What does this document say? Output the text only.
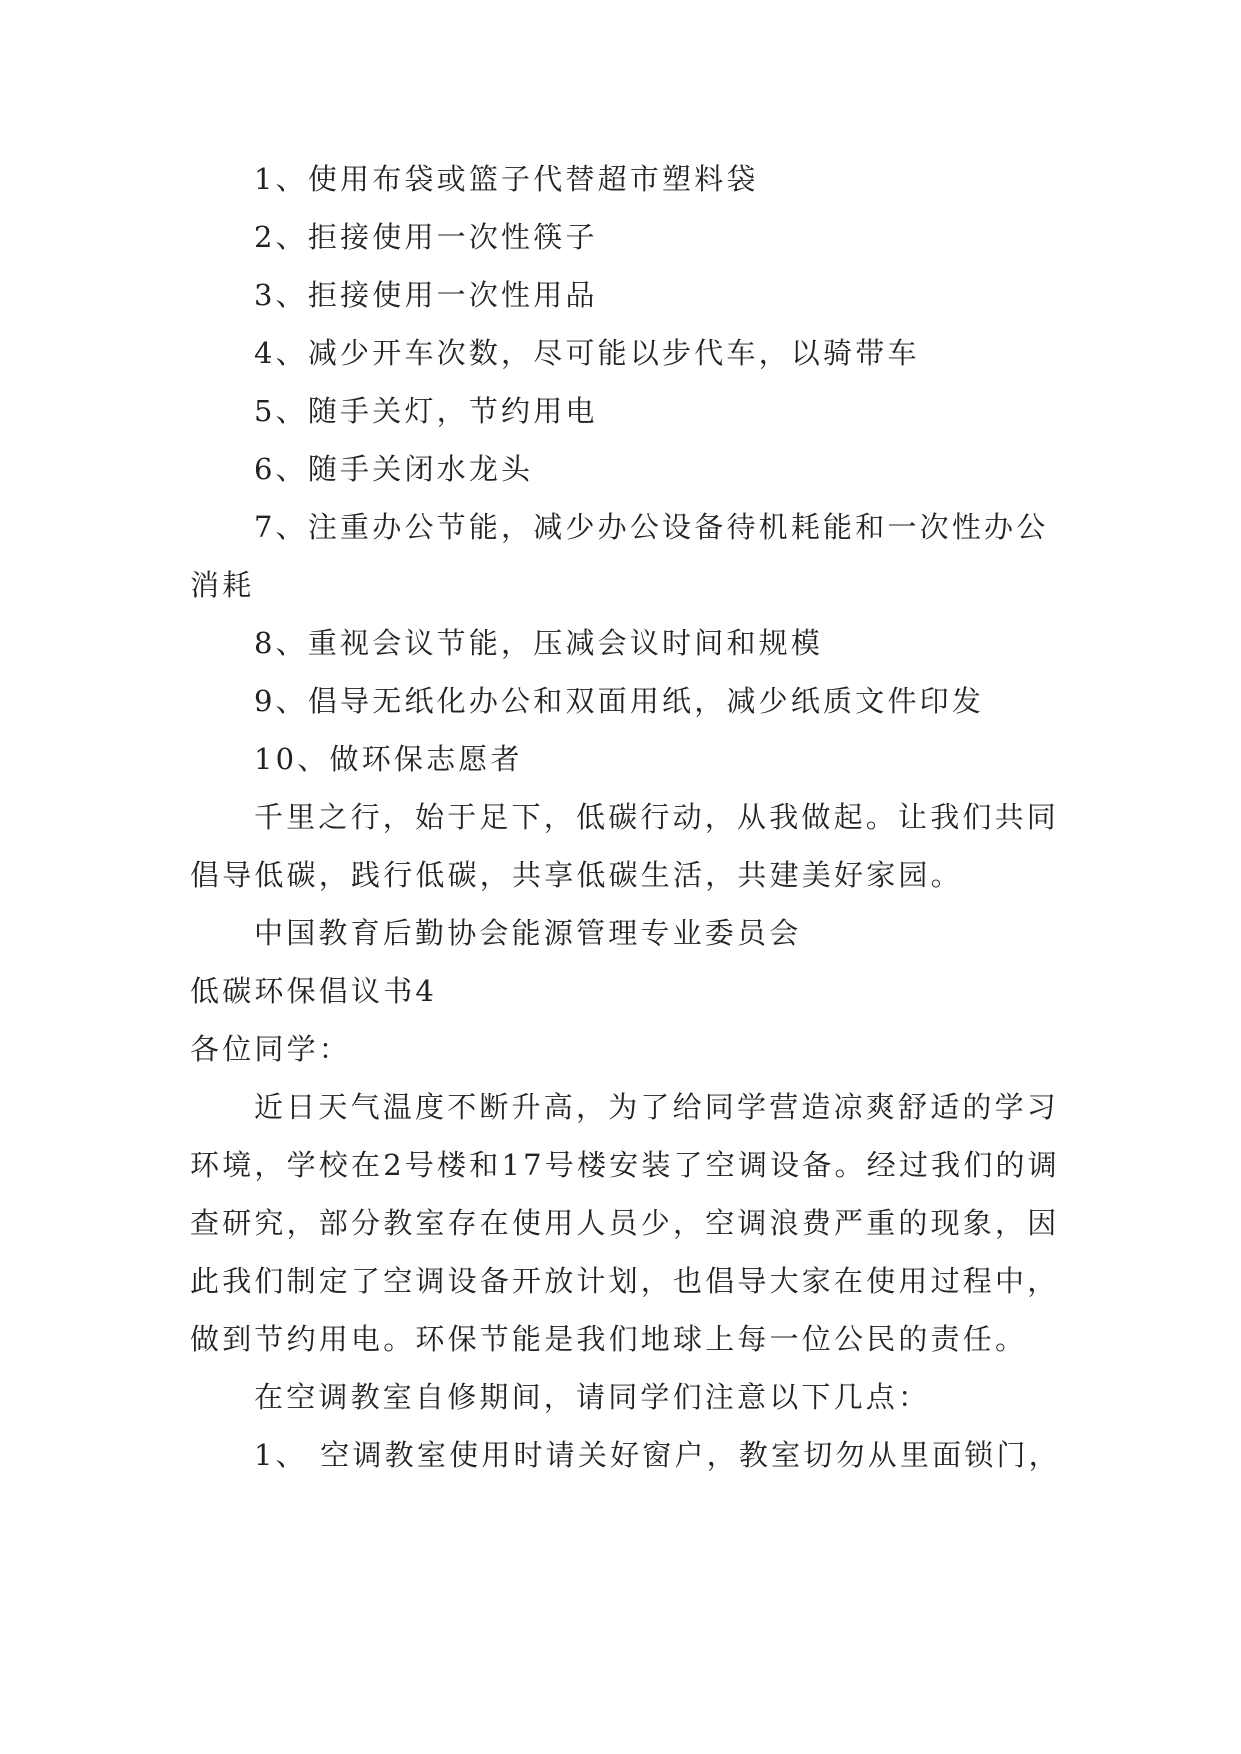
1、使用布袋或篮子代替超市塑料袋

2、拒接使用一次性筷子

3、拒接使用一次性用品

4、减少开车次数，尽可能以步代车，以骑带车

5、随手关灯，节约用电

6、随手关闭水龙头

7、注重办公节能，减少办公设备待机耗能和一次性办公消耗

8、重视会议节能，压减会议时间和规模

9、倡导无纸化办公和双面用纸，减少纸质文件印发

10、做环保志愿者

千里之行，始于足下，低碳行动，从我做起。让我们共同倡导低碳，践行低碳，共享低碳生活，共建美好家园。

中国教育后勤协会能源管理专业委员会

低碳环保倡议书4

各位同学：

近日天气温度不断升高，为了给同学营造凉爽舒适的学习环境，学校在2号楼和17号楼安装了空调设备。经过我们的调查研究，部分教室存在使用人员少，空调浪费严重的现象，因此我们制定了空调设备开放计划，也倡导大家在使用过程中，做到节约用电。环保节能是我们地球上每一位公民的责任。

在空调教室自修期间，请同学们注意以下几点：

1、 空调教室使用时请关好窗户，教室切勿从里面锁门，
